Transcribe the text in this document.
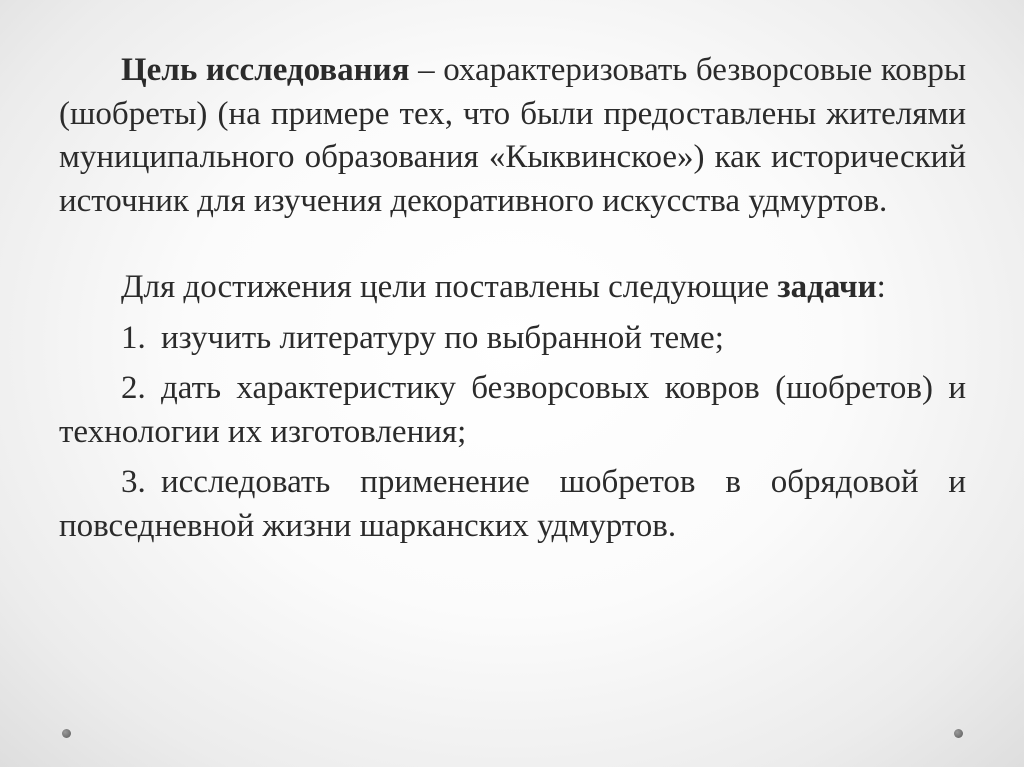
Цель исследования – охарактеризовать безворсовые ковры (шобреты) (на примере тех, что были предоставлены жителями муниципального образования «Кыквинское») как исторический источник для изучения декоративного искусства удмуртов.

Для достижения цели поставлены следующие задачи:

1. изучить литературу по выбранной теме;

2. дать характеристику безворсовых ковров (шобретов) и технологии их изготовления;

3. исследовать применение шобретов в обрядовой и повседневной жизни шарканских удмуртов.
